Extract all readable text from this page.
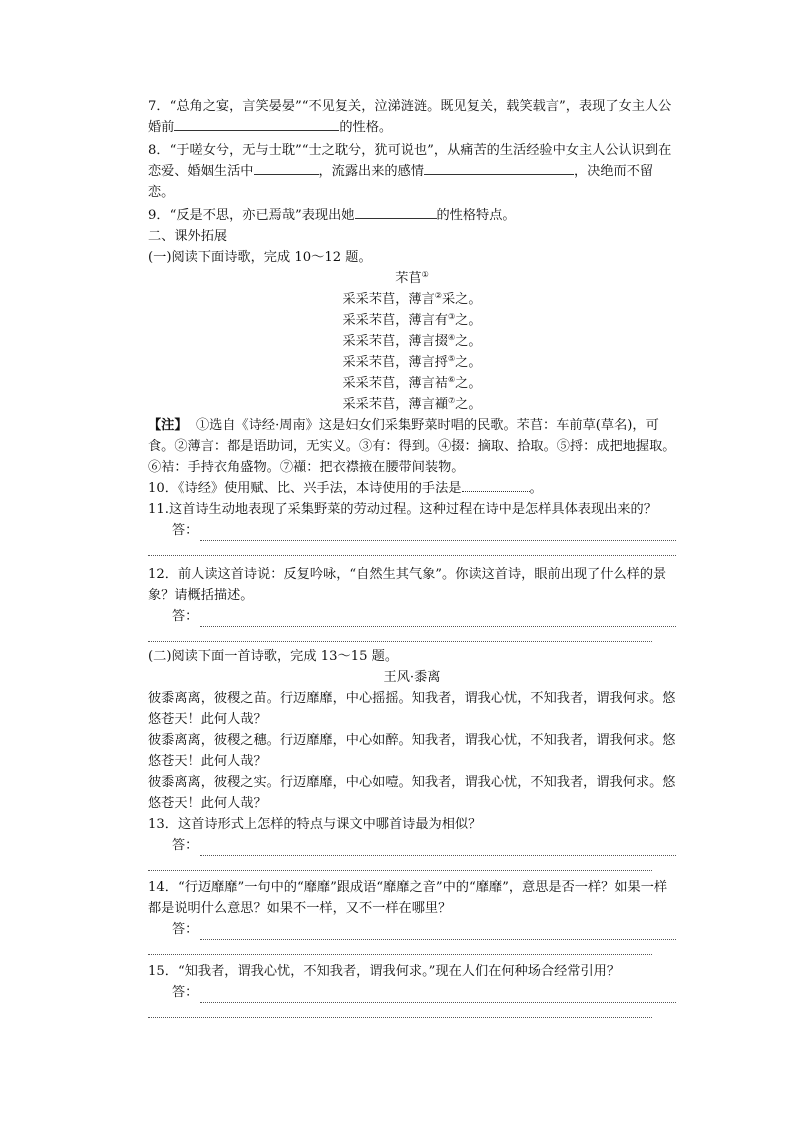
7．“总角之宴，言笑晏晏”“不见复关，泣涕涟涟。既见复关，载笑载言”，表现了女主人公婚前	的性格。

8．“于嗟女兮，无与士耽”“士之耽兮，犹可说也”，从痛苦的生活经验中女主人公认识到在恋爱、婚姻生活中	，流露出来的感情	，决绝而不留恋。

9．“反是不思，亦已焉哉”表现出她	的性格特点。

二、课外拓展

(一)阅读下面诗歌，完成 10～12 题。

芣苢①

采采芣苢，薄言②采之。

采采芣苢，薄言有③之。

采采芣苢，薄言掇④之。

采采芣苢，薄言捋⑤之。

采采芣苢，薄言袺⑥之。

采采芣苢，薄言襭⑦之。

【注】 ①选自《诗经·周南》这是妇女们采集野菜时唱的民歌。芣苢：车前草(草名)，可食。②薄言：都是语助词，无实义。③有：得到。④掇：摘取、拾取。⑤捋：成把地握取。⑥袺：手持衣角盛物。⑦襭：把衣襟掖在腰带间装物。

10．《诗经》使用赋、比、兴手法，本诗使用的手法是	。

11.这首诗生动地表现了采集野菜的劳动过程。这种过程在诗中是怎样具体表现出来的？

答：

12．前人读这首诗说：反复吟咏，“自然生其气象”。你读这首诗，眼前出现了什么样的景象？请概括描述。

答：

(二)阅读下面一首诗歌，完成 13～15 题。

王风·黍离

彼黍离离，彼稷之苗。行迈靡靡，中心摇摇。知我者，谓我心忧，不知我者，谓我何求。悠悠苍天！此何人哉？

彼黍离离，彼稷之穗。行迈靡靡，中心如醉。知我者，谓我心忧，不知我者，谓我何求。悠悠苍天！此何人哉？

彼黍离离，彼稷之实。行迈靡靡，中心如噎。知我者，谓我心忧，不知我者，谓我何求。悠悠苍天！此何人哉？

13．这首诗形式上怎样的特点与课文中哪首诗最为相似？

答：

14．“行迈靡靡”一句中的“靡靡”跟成语“靡靡之音”中的“靡靡”，意思是否一样？如果一样都是说明什么意思？如果不一样，又不一样在哪里？

答：

15．“知我者，谓我心忧，不知我者，谓我何求。”现在人们在何种场合经常引用？

答：
